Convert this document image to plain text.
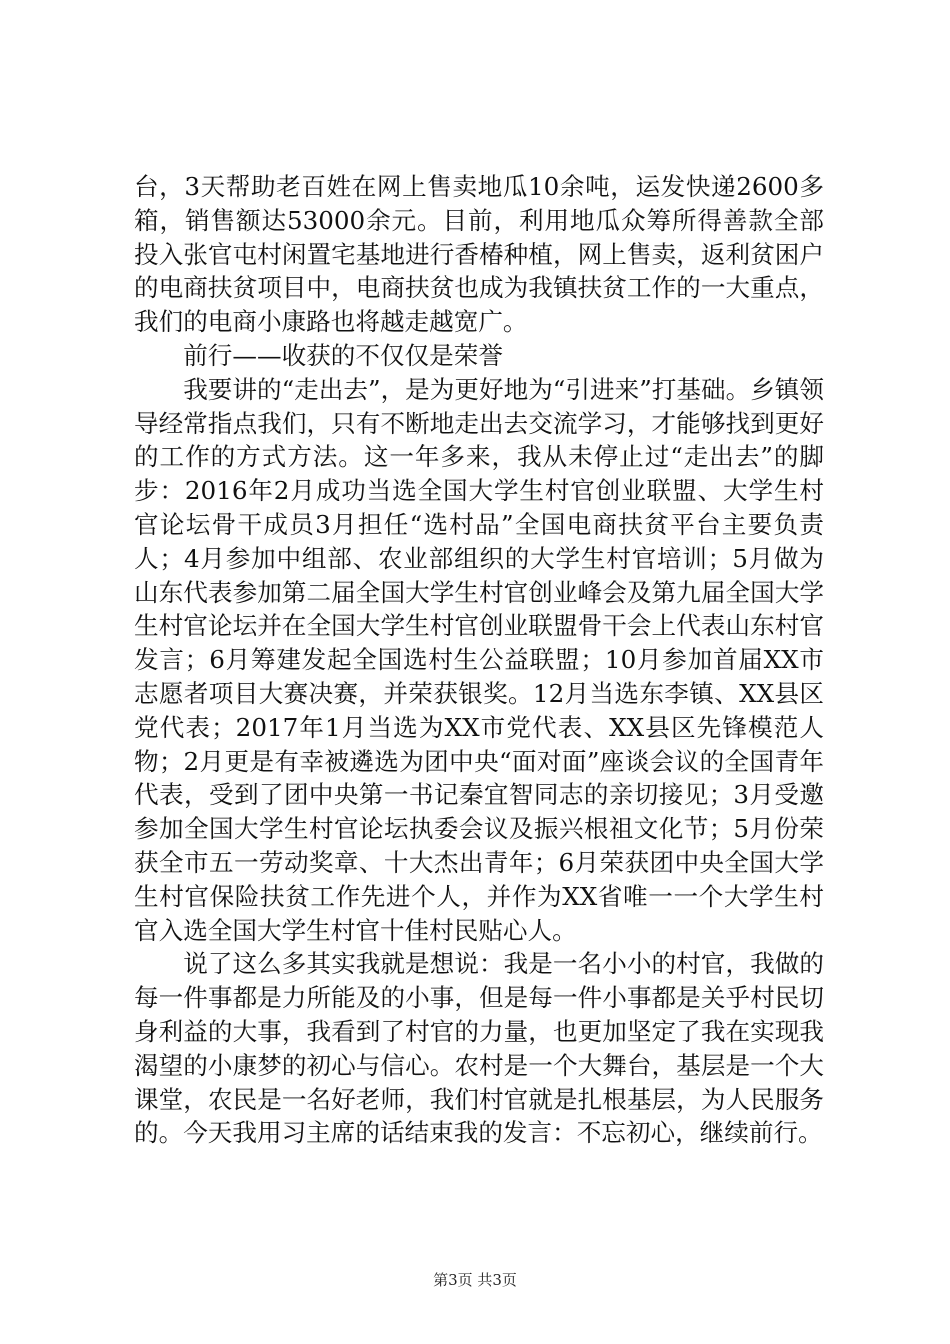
台，3天帮助老百姓在网上售卖地瓜10余吨，运发快递2600多箱，销售额达53000余元。目前，利用地瓜众筹所得善款全部投入张官屯村闲置宅基地进行香椿种植，网上售卖，返利贫困户的电商扶贫项目中，电商扶贫也成为我镇扶贫工作的一大重点，我们的电商小康路也将越走越宽广。

前行——收获的不仅仅是荣誉

我要讲的“走出去”，是为更好地为“引进来”打基础。乡镇领导经常指点我们，只有不断地走出去交流学习，才能够找到更好的工作的方式方法。这一年多来，我从未停止过“走出去”的脚步：2016年2月成功当选全国大学生村官创业联盟、大学生村官论坛骨干成员3月担任“选村品”全国电商扶贫平台主要负责人；4月参加中组部、农业部组织的大学生村官培训；5月做为山东代表参加第二届全国大学生村官创业峰会及第九届全国大学生村官论坛并在全国大学生村官创业联盟骨干会上代表山东村官发言；6月筹建发起全国选村生公益联盟；10月参加首届XX市志愿者项目大赛决赛，并荣获银奖。12月当选东李镇、XX县区党代表；2017年1月当选为XX市党代表、XX县区先锋模范人物；2月更是有幸被遴选为团中央“面对面”座谈会议的全国青年代表，受到了团中央第一书记秦宜智同志的亲切接见；3月受邀参加全国大学生村官论坛执委会议及振兴根祖文化节；5月份荣获全市五一劳动奖章、十大杰出青年；6月荣获团中央全国大学生村官保险扶贫工作先进个人，并作为XX省唯一一个大学生村官入选全国大学生村官十佳村民贴心人。

说了这么多其实我就是想说：我是一名小小的村官，我做的每一件事都是力所能及的小事，但是每一件小事都是关乎村民切身利益的大事，我看到了村官的力量，也更加坚定了我在实现我渴望的小康梦的初心与信心。农村是一个大舞台，基层是一个大课堂，农民是一名好老师，我们村官就是扎根基层，为人民服务的。今天我用习主席的话结束我的发言：不忘初心，继续前行。

第3页 共3页
